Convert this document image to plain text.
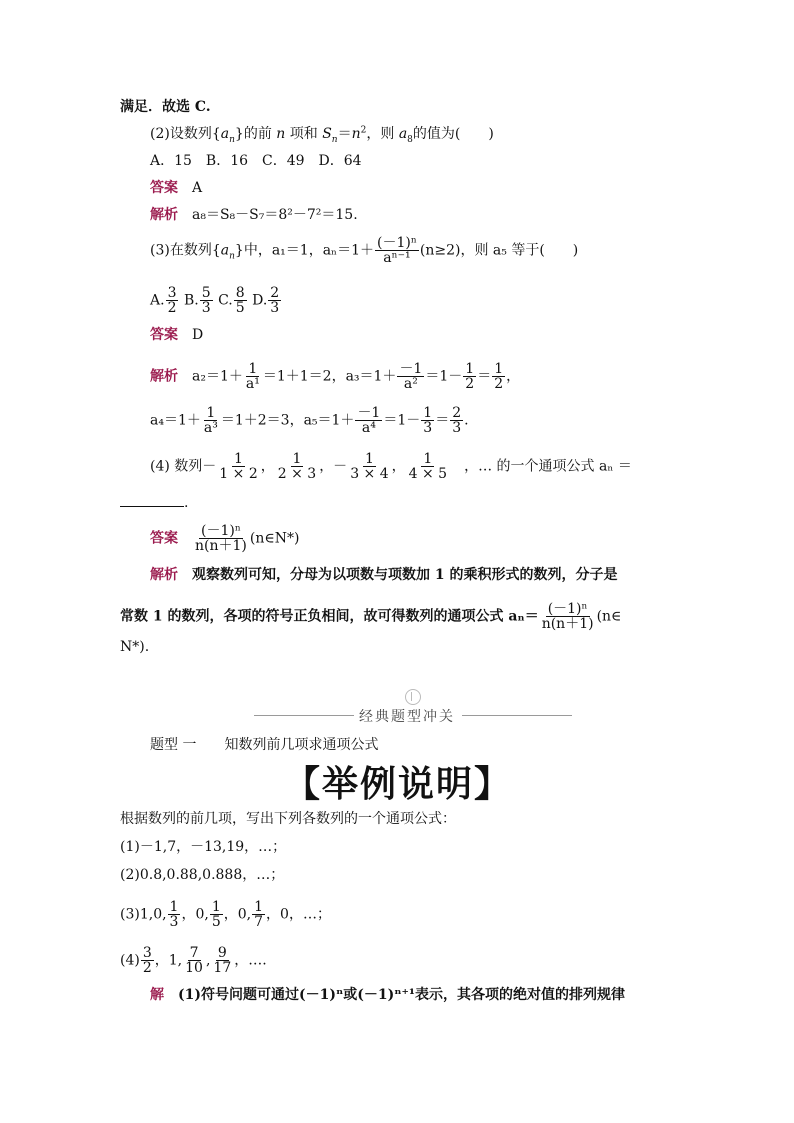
满足．故选 C.
(2)设数列$\{a_n\}$的前 n 项和 $S_n=n^2$，则 $a_8$的值为(　　)
A．15　B．16　C．49　D．64
答案　 A
解析　 a₈＝S₈－S₇＝8²－7²＝15.
(3)在数列$\{a_n\}$中，a₁＝1，$a_n=1+ \frac{\text{(－1)ⁿ}}{\text{aⁿ⁻¹}} (n\ge 2)$，则 a₅ 等于(　　)
A. $\frac{3}{2} B$. $\frac{5}{3} C$. $\frac{8}{5} D$. $\frac{2}{3}$
答案　 D
解析　 $a_2=1+ \frac{1}{\text{a¹}} =1+1=2$，$a_3=1+ \frac{-1}{\text{a²}} =1- \frac{1}{2} = \frac{1}{2}$ ，
$a_4=1+ \frac{1}{\text{a³}} =1+2=3$，$a_5=1+ \frac{-1}{\text{a⁴}} =1- \frac{1}{3} = \frac{2}{3}$ .
(4) 数列－ $\frac{1}{1 \times 2}$ ， $\frac{1}{2 \times 3}$ ，－ $\frac{1}{3 \times 4}$ ， $\frac{1}{4 \times 5}$
　 ，… 的一个通项公式 aₙ ＝
.
答案　 $\frac{\text{(－1)ⁿ}}{n(n+1)}$ (n∈N*)
解析　 观察数列可知，分母为以项数与项数加 1 的乘积形式的数列，分子是
常数 1 的数列，各项的符号正负相间，故可得数列的通项公式 $a_n= \frac{\text{(－1)ⁿ}}{n(n+1)}$ (n∈
N*).
经典题型冲关
题型 一　　知数列前几项求通项公式
【举例说明】
根据数列的前几项，写出下列各数列的一个通项公式：
(1)－1,7，－13,19，…；
(2)0.8,0.88,0.888，…；
(3)1,0, $\frac{1}{3}$ ，0, $\frac{1}{5}$ ，0, $\frac{1}{7}$ ，0，…；
$(4) \frac{3}{2}$ ，1, $\frac{7}{10}$ , $\frac{9}{17}$ ，….
解　 (1)符号问题可通过(－1)ⁿ或(－1)ⁿ⁺¹表示，其各项的绝对值的排列规律
